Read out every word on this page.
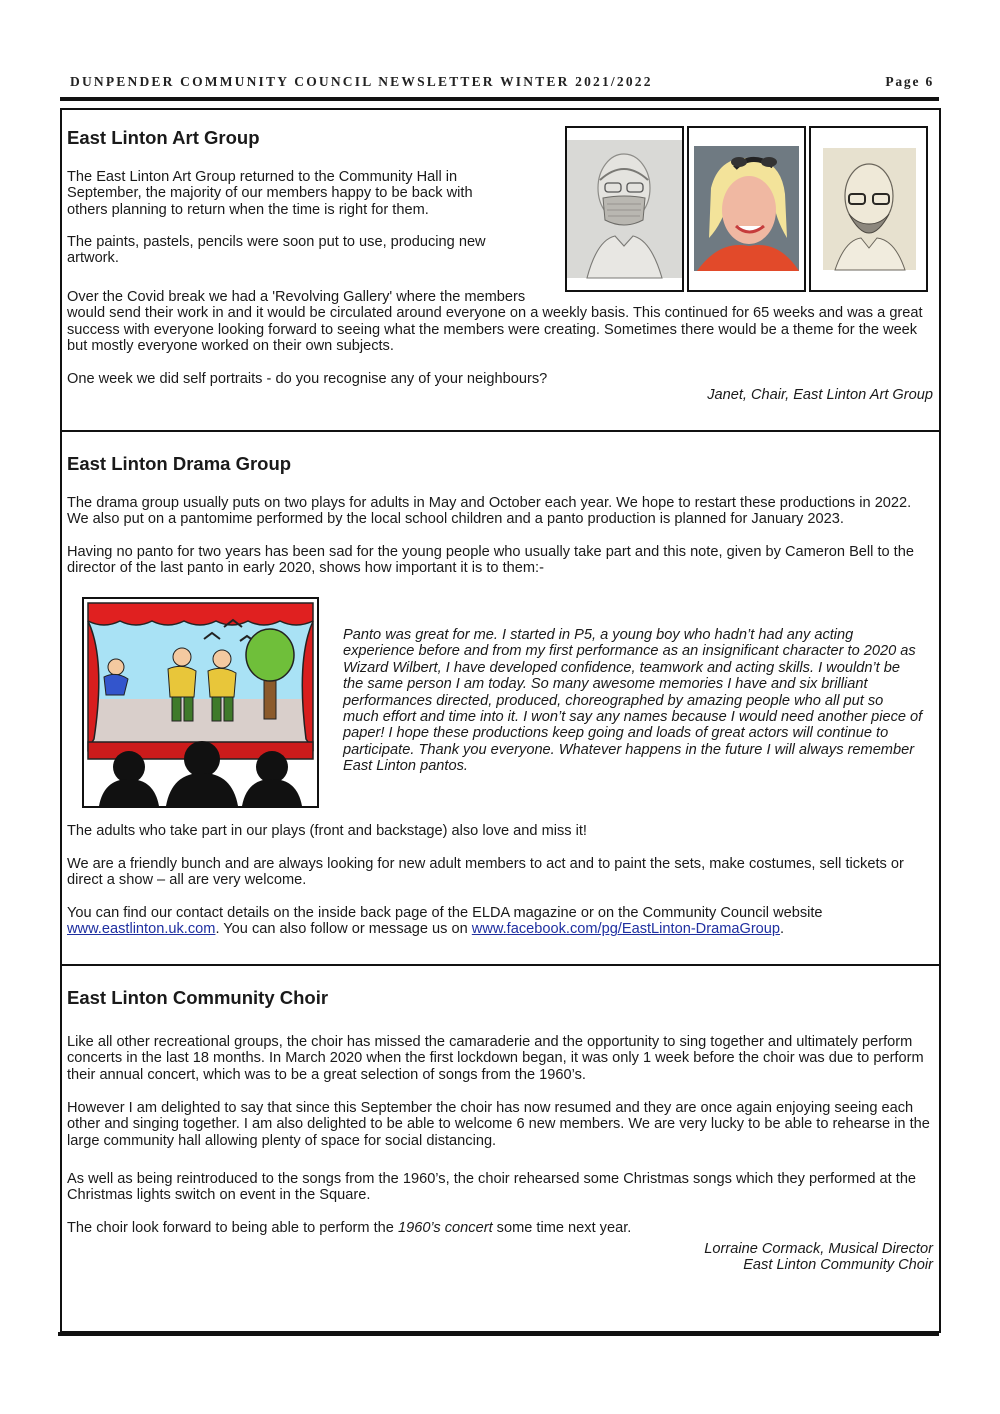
DUNPENDER COMMUNITY COUNCIL NEWSLETTER WINTER 2021/2022	Page 6
East Linton Art Group

The East Linton Art Group returned to the Community Hall in September, the majority of our members happy to be back with others planning to return when the time is right for them.

The paints, pastels, pencils were soon put to use, producing new artwork.

Over the Covid break we had a 'Revolving Gallery' where the members
would send their work in and it would be circulated around everyone on a weekly basis. This continued for 65 weeks and was a great success with everyone looking forward to seeing what the members were creating. Sometimes there would be a theme for the week but mostly everyone worked on their own subjects.

One week we did self portraits - do you recognise any of your neighbours?

Janet, Chair, East Linton Art Group
East Linton Drama Group

The drama group usually puts on two plays for adults in May and October each year. We hope to restart these productions in 2022. We also put on a pantomime performed by the local school children and a panto production is planned for January 2023.

Having no panto for two years has been sad for the young people who usually take part and this note, given by Cameron Bell to the director of the last panto in early 2020, shows how important it is to them:-

Panto was great for me. I started in P5, a young boy who hadn’t had any acting experience before and from my first performance as an insignificant character to 2020 as Wizard Wilbert, I have developed confidence, teamwork and acting skills. I wouldn’t be the same person I am today. So many awesome memories I have and six brilliant performances directed, produced, choreographed by amazing people who all put so much effort and time into it. I won’t say any names because I would need another piece of paper! I hope these productions keep going and loads of great actors will continue to participate. Thank you everyone. Whatever happens in the future I will always remember East Linton pantos.

The adults who take part in our plays (front and backstage) also love and miss it!

We are a friendly bunch and are always looking for new adult members to act and to paint the sets, make costumes, sell tickets or direct a show – all are very welcome.

You can find our contact details on the inside back page of the ELDA magazine or on the Community Council website www.eastlinton.uk.com. You can also follow or message us on www.facebook.com/pg/EastLinton-DramaGroup.

East Linton Community Choir

Like all other recreational groups, the choir has missed the camaraderie and the opportunity to sing together and ultimately perform concerts in the last 18 months. In March 2020 when the first lockdown began, it was only 1 week before the choir was due to perform their annual concert, which was to be a great selection of songs from the 1960’s.

However I am delighted to say that since this September the choir has now resumed and they are once again enjoying seeing each other and singing together. I am also delighted to be able to welcome 6 new members. We are very lucky to be able to rehearse in the large community hall allowing plenty of space for social distancing.

As well as being reintroduced to the songs from the 1960’s, the choir rehearsed some Christmas songs which they performed at the Christmas lights switch on event in the Square.

The choir look forward to being able to perform the 1960’s concert some time next year.

Lorraine Cormack, Musical Director
East Linton Community Choir
